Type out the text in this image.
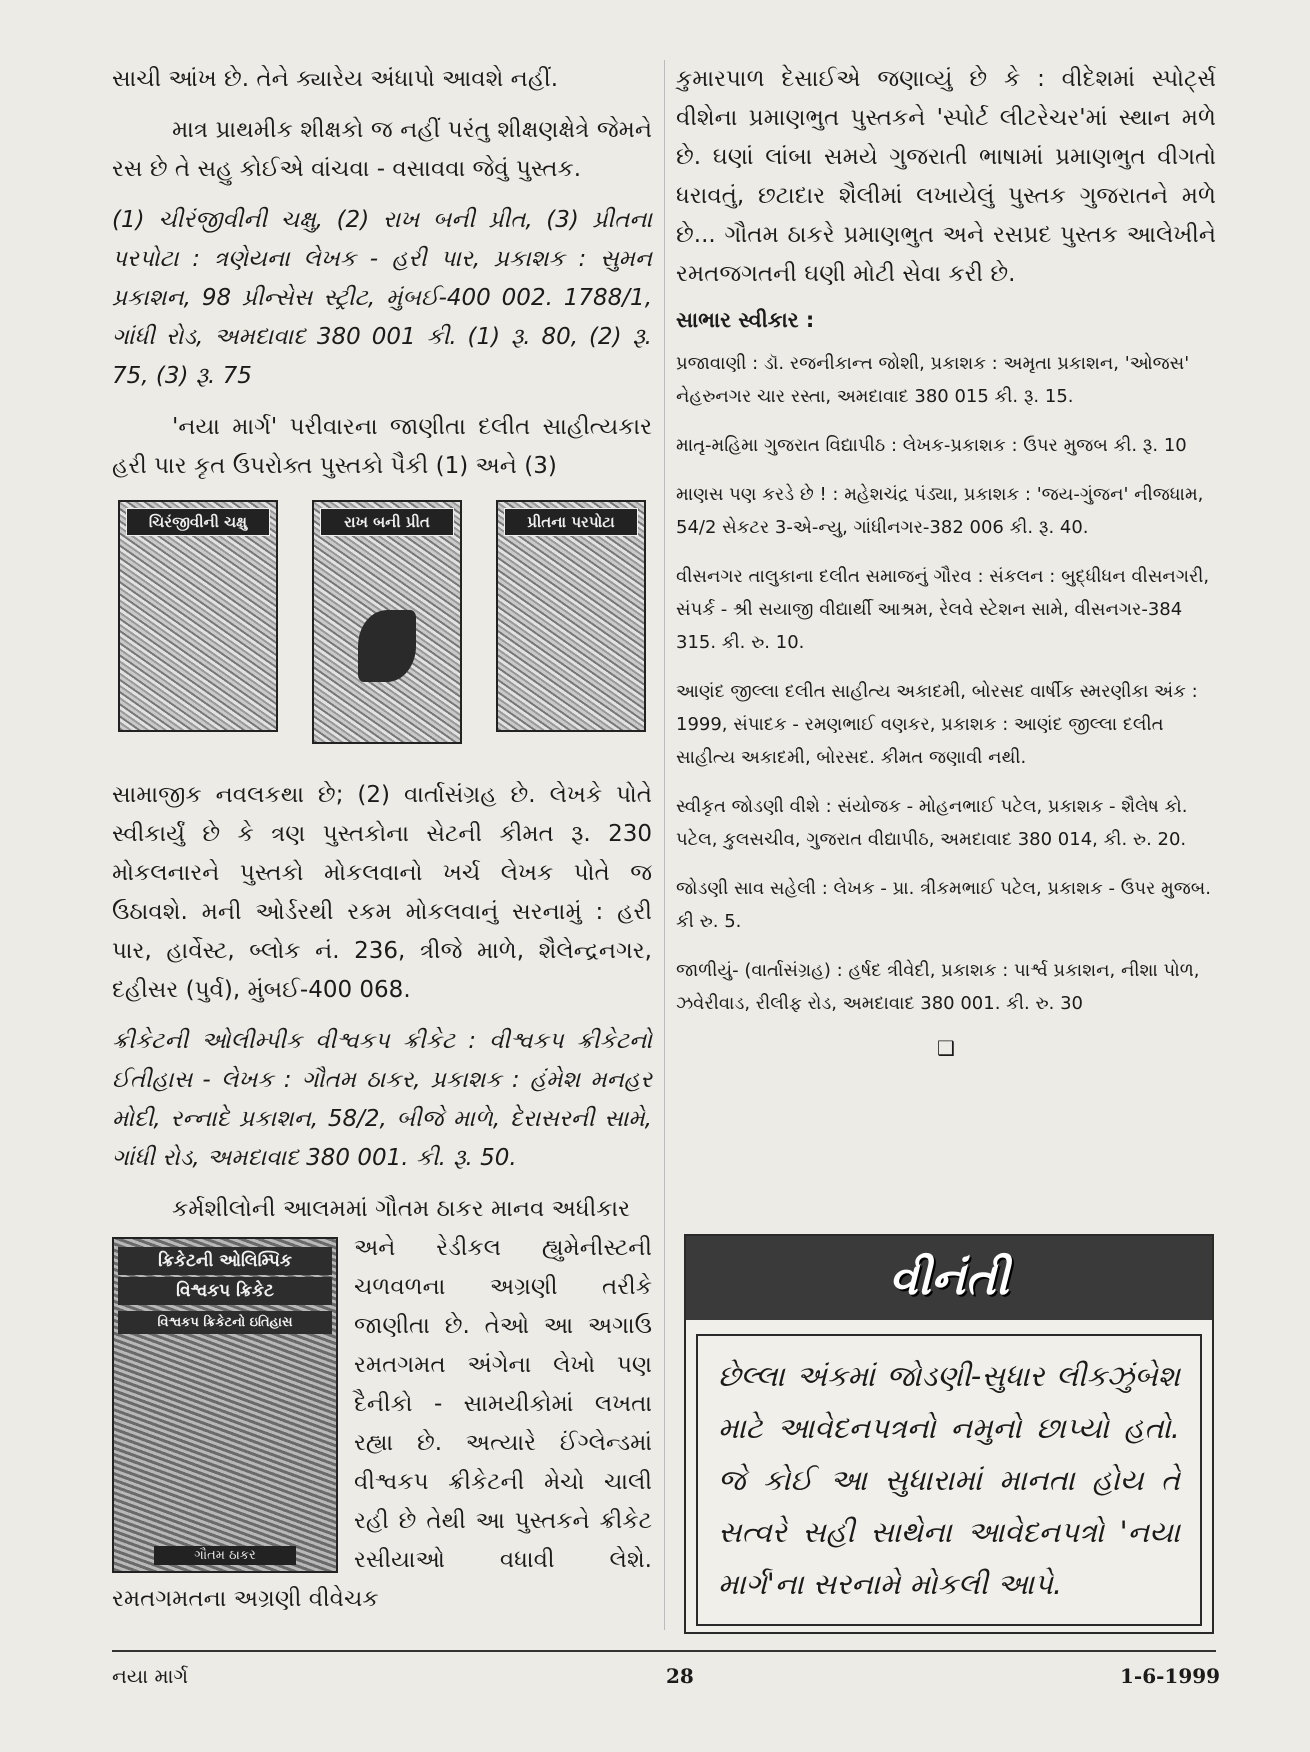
સાચી આંખ છે. તેને ક્યારેય અંધાપો આવશે નહીં.

માત્ર પ્રાથમીક શીક્ષકો જ નહીં પરંતુ શીક્ષણક્ષેત્રે જેમને રસ છે તે સહુ કોઈએ વાંચવા - વસાવવા જેવું પુસ્તક.

(1) ચીરંજીવીની ચક્ષુ, (2) રાખ બની પ્રીત, (3) પ્રીતના પરપોટા : ત્રણેયના લેખક - હરી પાર, પ્રકાશક : સુમન પ્રકાશન, 98 પ્રીન્સેસ સ્ટ્રીટ, મુંબઈ-400 002. 1788/1, ગાંધી રોડ, અમદાવાદ 380 001 કી. (1) રૂ. 80, (2) રૂ. 75, (3) રૂ. 75

'નયા માર્ગ' પરીવારના જાણીતા દલીત સાહીત્યકાર હરી પાર કૃત ઉપરોક્ત પુસ્તકો પૈકી (1) અને (3)

ચિરંજીવીની ચક્ષુ	રાખ બની પ્રીત	પ્રીતના પરપોટા

સામાજીક નવલકથા છે; (2) વાર્તાસંગ્રહ છે. લેખકે પોતે સ્વીકાર્યું છે કે ત્રણ પુસ્તકોના સેટની કીમત રૂ. 230 મોકલનારને પુસ્તકો મોકલવાનો ખર્ચ લેખક પોતે જ ઉઠાવશે. મની ઓર્ડરથી રકમ મોકલવાનું સરનામું : હરી પાર, હાર્વેસ્ટ, બ્લોક નં. 236, ત્રીજે માળે, શૈલેન્દ્રનગર, દહીસર (પુર્વ), મુંબઈ-400 068.

ક્રીકેટની ઓલીમ્પીક વીશ્વકપ ક્રીકેટ : વીશ્વકપ ક્રીકેટનો ઈતીહાસ - લેખક : ગૌતમ ઠાકર, પ્રકાશક : હંમેશ મનહર મોદી, રન્નાદે પ્રકાશન, 58/2, બીજે માળે, દેરાસરની સામે, ગાંધી રોડ, અમદાવાદ 380 001. કી. રૂ. 50.

કર્મશીલોની આલમમાં ગૌતમ ઠાકર માનવ અધીકાર

ક્રિકેટની ઓલિમ્પિક
વિશ્વકપ ક્રિકેટ
વિશ્વકપ ક્રિકેટનો ઇતિહાસ
ગૌતમ ઠાકર
અને રેડીકલ હ્યુમેનીસ્ટની ચળવળના અગ્રણી તરીકે જાણીતા છે. તેઓ આ અગાઉ રમતગમત અંગેના લેખો પણ દૈનીકો - સામયીકોમાં લખતા રહ્યા છે. અત્યારે ઈંગ્લેન્ડમાં વીશ્વકપ ક્રીકેટની મેચો ચાલી રહી છે તેથી આ પુસ્તકને ક્રીકેટ રસીયાઓ વધાવી લેશે. રમતગમતના અગ્રણી વીવેચક

કુમારપાળ દેસાઈએ જણાવ્યું છે કે : વીદેશમાં સ્પોર્ટ્સ વીશેના પ્રમાણભુત પુસ્તકને 'સ્પોર્ટ લીટરેચર'માં સ્થાન મળે છે. ઘણાં લાંબા સમયે ગુજરાતી ભાષામાં પ્રમાણભુત વીગતો ધરાવતું, છટાદાર શૈલીમાં લખાયેલું પુસ્તક ગુજરાતને મળે છે... ગૌતમ ઠાકરે પ્રમાણભુત અને રસપ્રદ પુસ્તક આલેખીને રમતજગતની ઘણી મોટી સેવા કરી છે.

સાભાર સ્વીકાર :

પ્રજાવાણી : ડૉ. રજનીકાન્ત જોશી, પ્રકાશક : અમૃતા પ્રકાશન, 'ઓજસ' નેહરુનગર ચાર રસ્તા, અમદાવાદ 380 015 કી. રૂ. 15.

માતૃ-મહિમા ગુજરાત વિદ્યાપીઠ : લેખક-પ્રકાશક : ઉપર મુજબ કી. રૂ. 10

માણસ પણ કરડે છે ! : મહેશચંદ્ર પંડ્યા, પ્રકાશક : 'જય-ગુંજન' નીજધામ, 54/2 સેકટર 3-એ-ન્યુ, ગાંધીનગર-382 006 કી. રૂ. 40.

વીસનગર તાલુકાના દલીત સમાજનું ગૌરવ : સંકલન : બુદ્ધીધન વીસનગરી, સંપર્ક - શ્રી સયાજી વીદ્યાર્થી આશ્રમ, રેલવે સ્ટેશન સામે, વીસનગર-384 315. કી. રુ. 10.

આણંદ જીલ્લા દલીત સાહીત્ય અકાદમી, બોરસદ વાર્ષીક સ્મરણીકા અંક : 1999, સંપાદક - રમણભાઈ વણકર, પ્રકાશક : આણંદ જીલ્લા દલીત સાહીત્ય અકાદમી, બોરસદ. કીમત જણાવી નથી.

સ્વીકૃત જોડણી વીશે : સંયોજક - મોહનભાઈ પટેલ, પ્રકાશક - શૈલેષ કો. પટેલ, કુલસચીવ, ગુજરાત વીદ્યાપીઠ, અમદાવાદ 380 014, કી. રુ. 20.

જોડણી સાવ સહેલી : લેખક - પ્રા. ત્રીકમભાઈ પટેલ, પ્રકાશક - ઉપર મુજબ. કી રુ. 5.

જાળીયું- (વાર્તાસંગ્રહ) : હર્ષદ ત્રીવેદી, પ્રકાશક : પાર્શ્વ પ્રકાશન, નીશા પોળ, ઝવેરીવાડ, રીલીફ રોડ, અમદાવાદ 380 001. કી. રુ. 30

❑
વીનંતી
છેલ્લા અંકમાં જોડણી-સુધાર લીકઝુંબેશ માટે આવેદનપત્રનો નમુનો છાપ્યો હતો. જે કોઈ આ સુધારામાં માનતા હોય તે સત્વરે સહી સાથેના આવેદનપત્રો 'નયા માર્ગ'ના સરનામે મોકલી આપે.
નયા માર્ગ	28	1-6-1999
